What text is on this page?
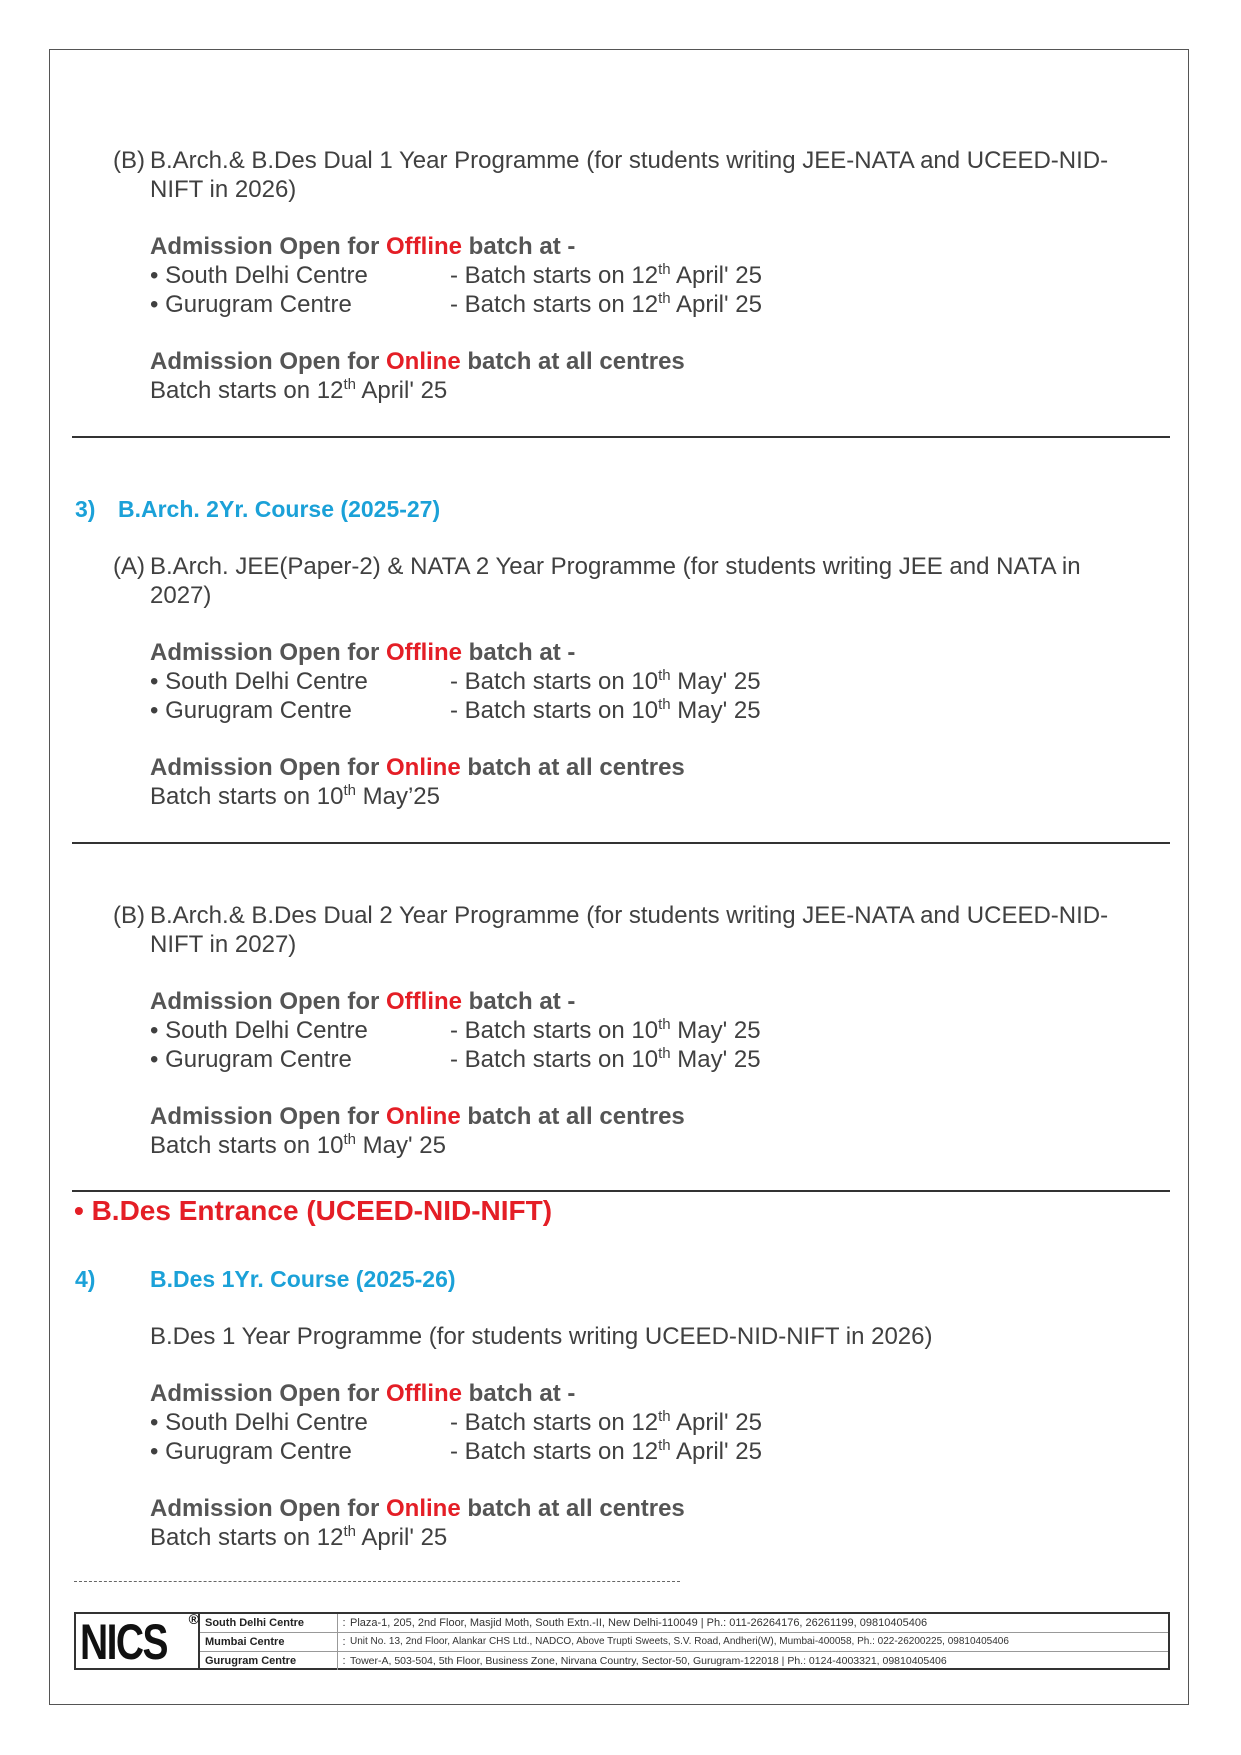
(B) B.Arch.& B.Des Dual 1 Year Programme (for students writing JEE-NATA and UCEED-NID-
NIFT in 2026)
Admission Open for Offline batch at -
• South Delhi Centre	- Batch starts on 12th April' 25
• Gurugram Centre	- Batch starts on 12th April' 25
Admission Open for Online batch at all centres
Batch starts on 12th April' 25
3) B.Arch. 2Yr. Course (2025-27)
(A) B.Arch. JEE(Paper-2) & NATA 2 Year Programme (for students writing JEE and NATA in
2027)
Admission Open for Offline batch at -
• South Delhi Centre	- Batch starts on 10th May' 25
• Gurugram Centre	- Batch starts on 10th May' 25
Admission Open for Online batch at all centres
Batch starts on 10th May’25
(B) B.Arch.& B.Des Dual 2 Year Programme (for students writing JEE-NATA and UCEED-NID-
NIFT in 2027)
Admission Open for Offline batch at -
• South Delhi Centre	- Batch starts on 10th May' 25
• Gurugram Centre	- Batch starts on 10th May' 25
Admission Open for Online batch at all centres
Batch starts on 10th May' 25
• B.Des Entrance (UCEED-NID-NIFT)
4) B.Des 1Yr. Course (2025-26)
B.Des 1 Year Programme (for students writing UCEED-NID-NIFT in 2026)
Admission Open for Offline batch at -
• South Delhi Centre	- Batch starts on 12th April' 25
• Gurugram Centre	- Batch starts on 12th April' 25
Admission Open for Online batch at all centres
Batch starts on 12th April' 25
NICS ® South Delhi Centre	: Plaza-1, 205, 2nd Floor, Masjid Moth, South Extn.-II, New Delhi-110049 | Ph.: 011-26264176, 26261199, 09810405406
Mumbai Centre	: Unit No. 13, 2nd Floor, Alankar CHS Ltd., NADCO, Above Trupti Sweets, S.V. Road, Andheri(W), Mumbai-400058, Ph.: 022-26200225, 09810405406
Gurugram Centre	: Tower-A, 503-504, 5th Floor, Business Zone, Nirvana Country, Sector-50, Gurugram-122018 | Ph.: 0124-4003321, 09810405406
